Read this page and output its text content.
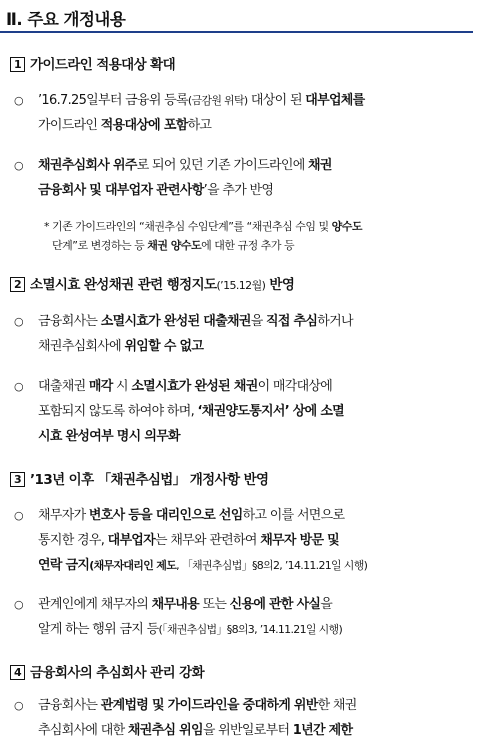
Ⅱ. 주요 개정내용
1 가이드라인 적용대상 확대
○ ’16.7.25일부터 금융위 등록(금감원 위탁) 대상이 된 대부업체를
가이드라인 적용대상에 포함하고
○ 채권추심회사 위주로 되어 있던 기존 가이드라인에 채권
금융회사 및 대부업자 관련사항’을 추가 반영
* 기존 가이드라인의 “채권추심 수임단계”를 “채권추심 수임 및 양수도
단계”로 변경하는 등 채권 양수도에 대한 규정 추가 등
2 소멸시효 완성채권 관련 행정지도(’15.12월) 반영
○ 금융회사는 소멸시효가 완성된 대출채권을 직접 추심하거나
채권추심회사에 위임할 수 없고
○ 대출채권 매각 시 소멸시효가 완성된 채권이 매각대상에
포함되지 않도록 하여야 하며, ‘채권양도통지서’ 상에 소멸
시효 완성여부 명시 의무화
3 ’13년 이후 「채권추심법」 개정사항 반영
○ 채무자가 변호사 등을 대리인으로 선임하고 이를 서면으로
통지한 경우, 대부업자는 채무와 관련하여 채무자 방문 및
연락 금지(채무자대리인 제도, 「채권추심법」§8의2, ’14.11.21일 시행)
○ 관계인에게 채무자의 채무내용 또는 신용에 관한 사실을
알게 하는 행위 금지 등(「채권추심법」§8의3, ’14.11.21일 시행)
4 금융회사의 추심회사 관리 강화
○ 금융회사는 관계법령 및 가이드라인을 중대하게 위반한 채권
추심회사에 대한 채권추심 위임을 위반일로부터 1년간 제한
